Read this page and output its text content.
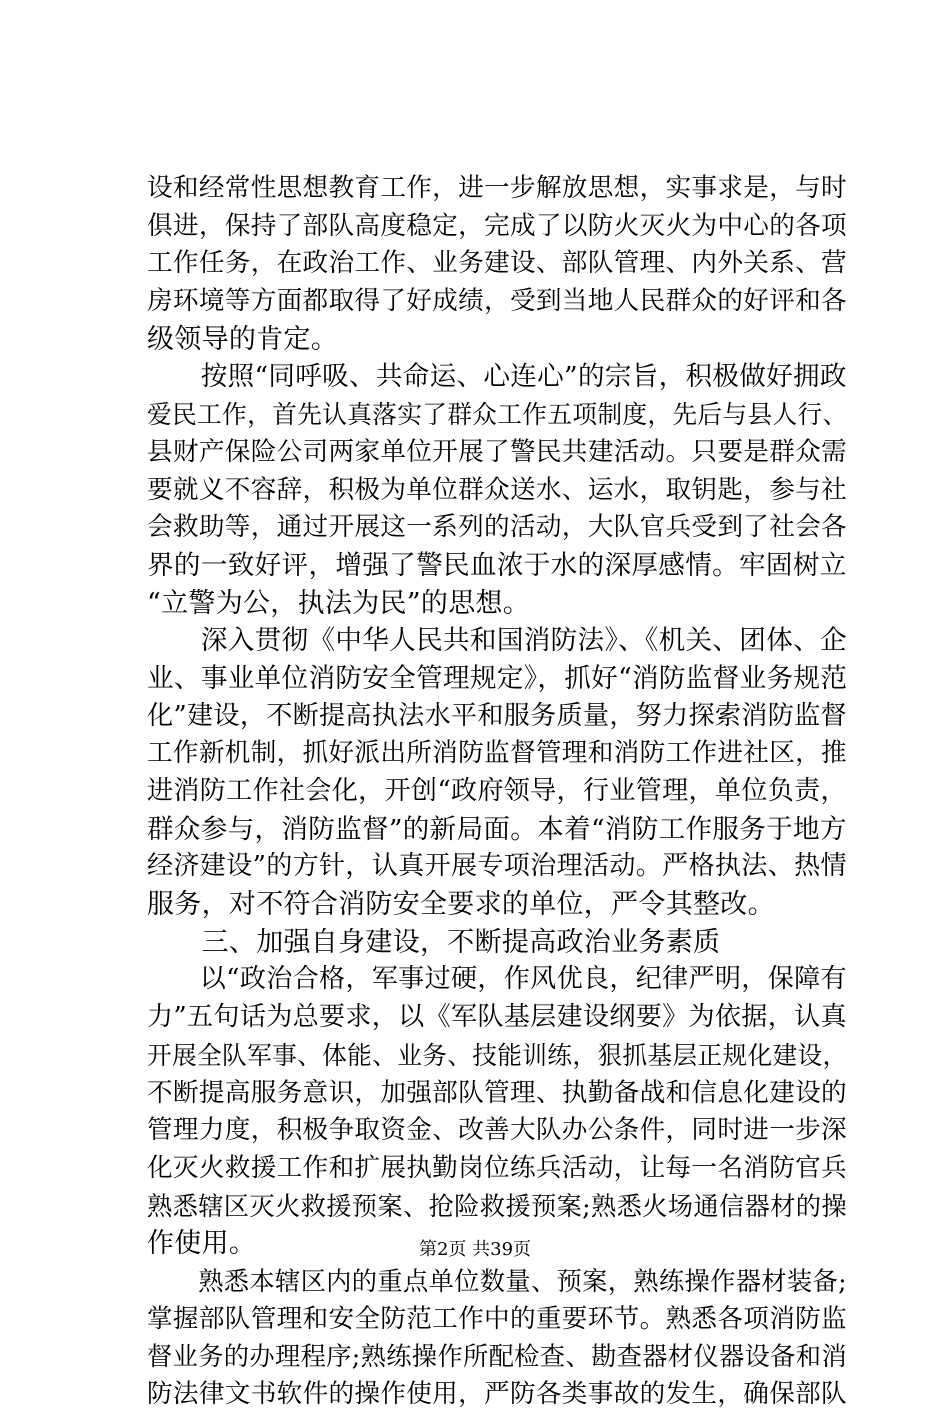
设和经常性思想教育工作，进一步解放思想，实事求是，与时
俱进，保持了部队高度稳定，完成了以防火灭火为中心的各项
工作任务，在政治工作、业务建设、部队管理、内外关系、营
房环境等方面都取得了好成绩，受到当地人民群众的好评和各
级领导的肯定。
　　按照“同呼吸、共命运、心连心”的宗旨，积极做好拥政
爱民工作，首先认真落实了群众工作五项制度，先后与县人行、
县财产保险公司两家单位开展了警民共建活动。只要是群众需
要就义不容辞，积极为单位群众送水、运水，取钥匙，参与社
会救助等，通过开展这一系列的活动，大队官兵受到了社会各
界的一致好评，增强了警民血浓于水的深厚感情。牢固树立
“立警为公，执法为民”的思想。
　　深入贯彻《中华人民共和国消防法》、《机关、团体、企
业、事业单位消防安全管理规定》，抓好“消防监督业务规范
化”建设，不断提高执法水平和服务质量，努力探索消防监督
工作新机制，抓好派出所消防监督管理和消防工作进社区，推
进消防工作社会化，开创“政府领导，行业管理，单位负责，
群众参与，消防监督”的新局面。本着“消防工作服务于地方
经济建设”的方针，认真开展专项治理活动。严格执法、热情
服务，对不符合消防安全要求的单位，严令其整改。
　　三、加强自身建设，不断提高政治业务素质
　　以“政治合格，军事过硬，作风优良，纪律严明，保障有
力”五句话为总要求，以《军队基层建设纲要》为依据，认真
开展全队军事、体能、业务、技能训练，狠抓基层正规化建设，
不断提高服务意识，加强部队管理、执勤备战和信息化建设的
管理力度，积极争取资金、改善大队办公条件，同时进一步深
化灭火救援工作和扩展执勤岗位练兵活动，让每一名消防官兵
熟悉辖区灭火救援预案、抢险救援预案;熟悉火场通信器材的操
作使用。
　　熟悉本辖区内的重点单位数量、预案，熟练操作器材装备;
掌握部队管理和安全防范工作中的重要环节。熟悉各项消防监
督业务的办理程序;熟练操作所配检查、勘查器材仪器设备和消
防法律文书软件的操作使用，严防各类事故的发生，确保部队
第2页 共39页
